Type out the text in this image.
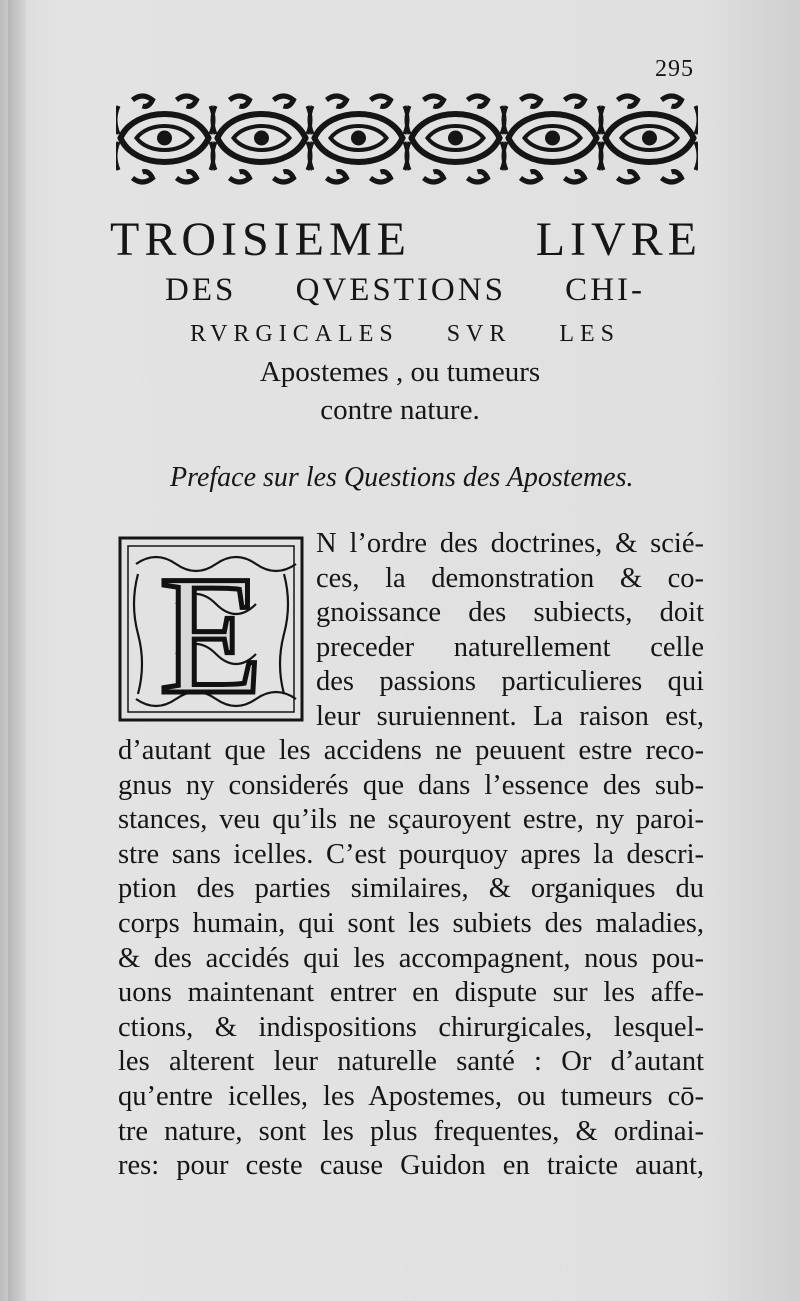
295
TROISIEME LIVRE
DES QVESTIONS CHI-
RVRGICALES SVR LES
Apostemes , ou tumeurs
contre nature.
Preface sur les Questions des Apostemes.
E N l’ordre des doctrines, & scié-
ces, la demonstration & co-
gnoissance des subiects, doit
preceder naturellement celle
des passions particulieres qui
leur suruiennent. La raison est,
d’autant que les accidens ne peuuent estre reco-
gnus ny considerés que dans l’essence des sub-
stances, veu qu’ils ne sçauroyent estre, ny paroi-
stre sans icelles. C’est pourquoy apres la descri-
ption des parties similaires, & organiques du
corps humain, qui sont les subiets des maladies,
& des accidés qui les accompagnent, nous pou-
uons maintenant entrer en dispute sur les affe-
ctions, & indispositions chirurgicales, lesquel-
les alterent leur naturelle santé : Or d’autant
qu’entre icelles, les Apostemes, ou tumeurs cō-
tre nature, sont les plus frequentes, & ordinai-
res: pour ceste cause Guidon en traicte auant,
